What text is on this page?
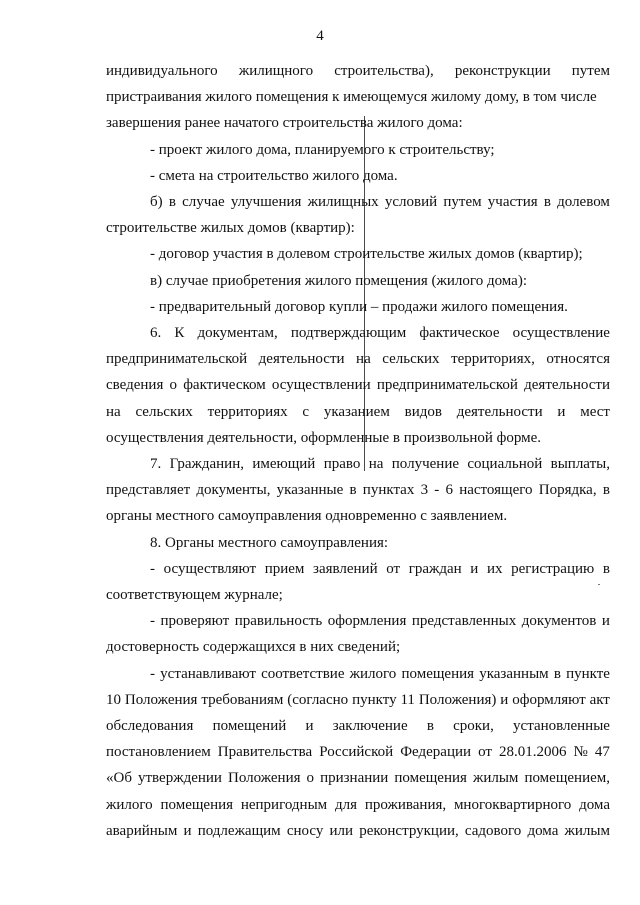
4

индивидуального жилищного строительства), реконструкции путем

пристраивания жилого помещения к имеющемуся жилому дому, в том числе

завершения ранее начатого строительства жилого дома:

- проект жилого дома, планируемого к строительству;

- смета на строительство жилого дома.

б) в случае улучшения жилищных условий путем участия в долевом

строительстве жилых домов (квартир):

- договор участия в долевом строительстве жилых домов (квартир);

в) случае приобретения жилого помещения (жилого дома):

- предварительный договор купли – продажи жилого помещения.

6. К документам, подтверждающим фактическое осуществление

предпринимательской деятельности на сельских территориях, относятся

сведения о фактическом осуществлении предпринимательской деятельности

на сельских территориях с указанием видов деятельности и мест

осуществления деятельности, оформленные в произвольной форме.

7. Гражданин, имеющий право на получение социальной выплаты,

представляет документы, указанные в пунктах 3 - 6 настоящего Порядка, в

органы местного самоуправления одновременно с заявлением.

8. Органы местного самоуправления:

- осуществляют прием заявлений от граждан и их регистрацию в

соответствующем журнале;

- проверяют правильность оформления представленных документов и

достоверность содержащихся в них сведений;

- устанавливают соответствие жилого помещения указанным в пункте

10 Положения требованиям (согласно пункту 11 Положения) и оформляют акт

обследования помещений и заключение в сроки, установленные

постановлением Правительства Российской Федерации от 28.01.2006 № 47

«Об утверждении Положения о признании помещения жилым помещением,

жилого помещения непригодным для проживания, многоквартирного дома

аварийным и подлежащим сносу или реконструкции, садового дома жилым
